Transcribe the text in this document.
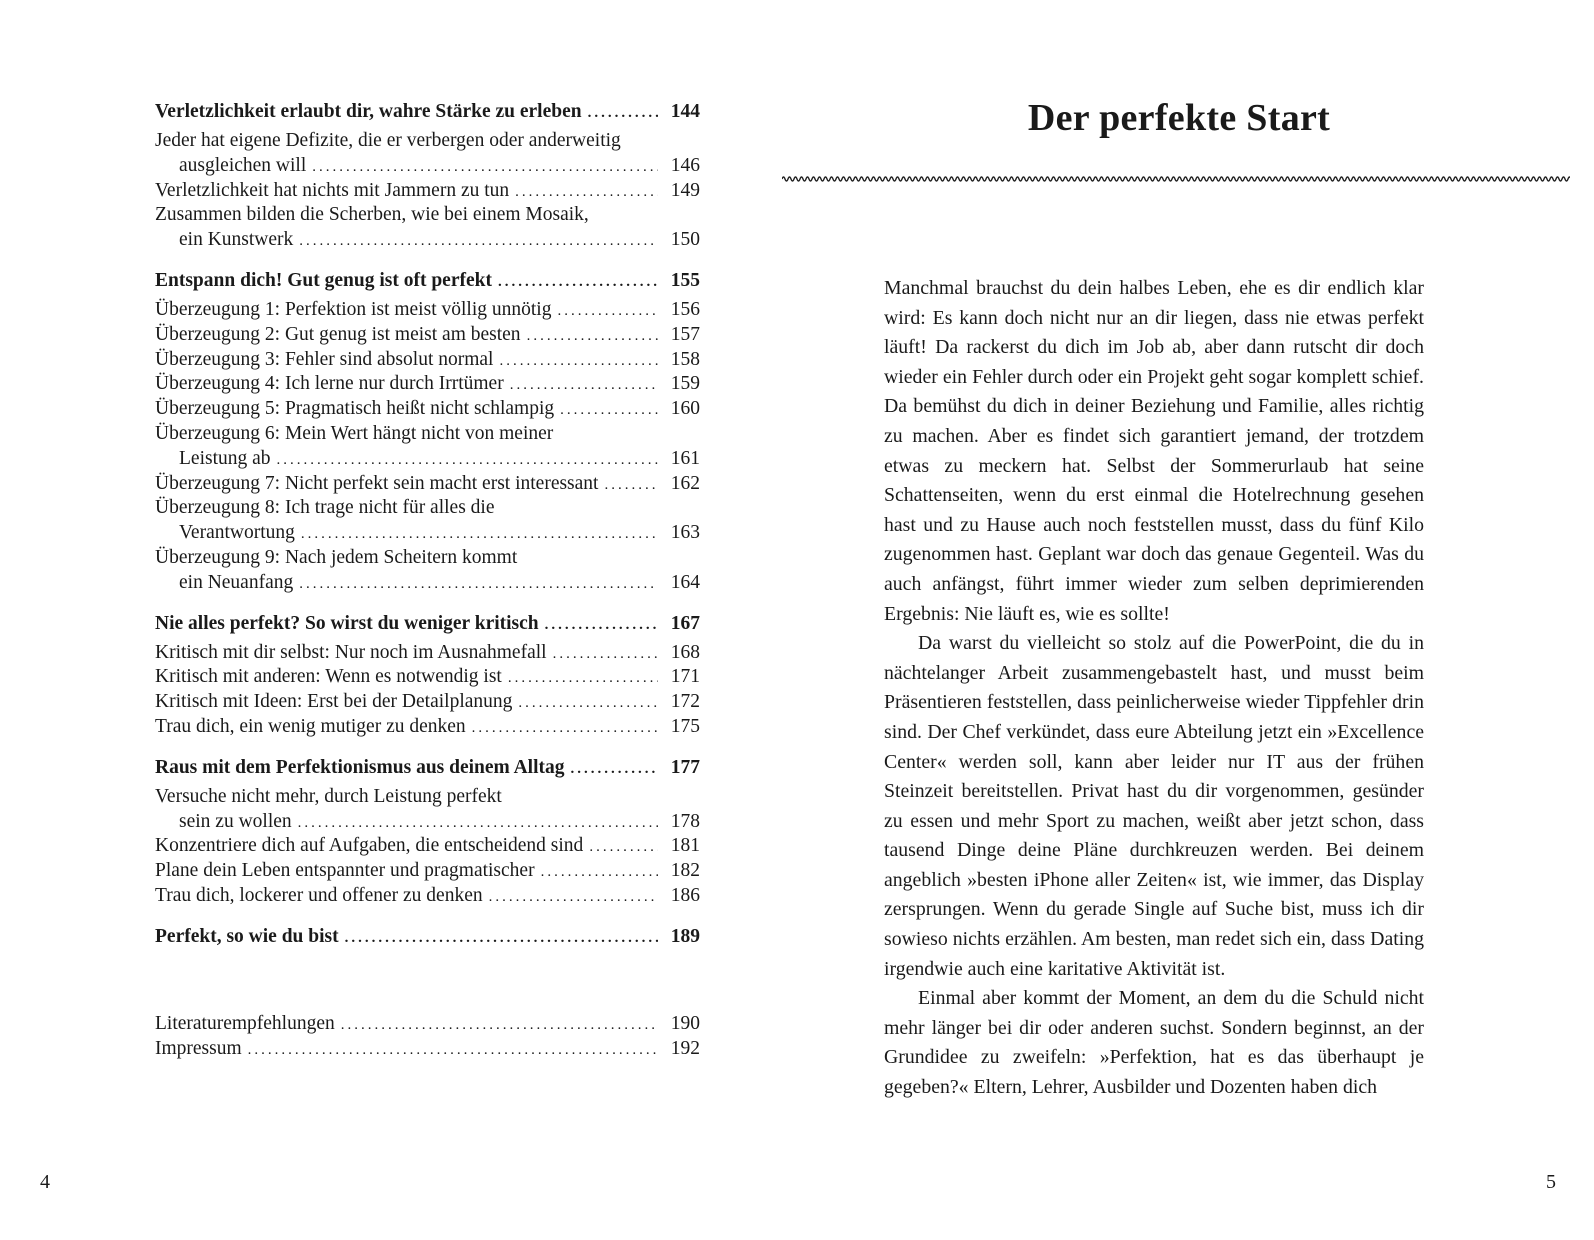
Verletzlichkeit erlaubt dir, wahre Stärke zu erleben .....	144
Jeder hat eigene Defizite, die er verbergen oder anderweitig
ausgleichen will .....	146
Verletzlichkeit hat nichts mit Jammern zu tun .....	149
Zusammen bilden die Scherben, wie bei einem Mosaik,
ein Kunstwerk .....	150
Entspann dich! Gut genug ist oft perfekt .....	155
Überzeugung 1: Perfektion ist meist völlig unnötig .....	156
Überzeugung 2: Gut genug ist meist am besten .....	157
Überzeugung 3: Fehler sind absolut normal .....	158
Überzeugung 4: Ich lerne nur durch Irrtümer .....	159
Überzeugung 5: Pragmatisch heißt nicht schlampig .....	160
Überzeugung 6: Mein Wert hängt nicht von meiner
Leistung ab .....	161
Überzeugung 7: Nicht perfekt sein macht erst interessant .....	162
Überzeugung 8: Ich trage nicht für alles die
Verantwortung .....	163
Überzeugung 9: Nach jedem Scheitern kommt
ein Neuanfang .....	164
Nie alles perfekt? So wirst du weniger kritisch .....	167
Kritisch mit dir selbst: Nur noch im Ausnahmefall .....	168
Kritisch mit anderen: Wenn es notwendig ist .....	171
Kritisch mit Ideen: Erst bei der Detailplanung .....	172
Trau dich, ein wenig mutiger zu denken .....	175
Raus mit dem Perfektionismus aus deinem Alltag .....	177
Versuche nicht mehr, durch Leistung perfekt
sein zu wollen .....	178
Konzentriere dich auf Aufgaben, die entscheidend sind .....	181
Plane dein Leben entspannter und pragmatischer .....	182
Trau dich, lockerer und offener zu denken .....	186
Perfekt, so wie du bist .....	189
Literaturempfehlungen .....	190
Impressum .....	192
4
Der perfekte Start

Manchmal brauchst du dein halbes Leben, ehe es dir endlich klar wird: Es kann doch nicht nur an dir liegen, dass nie etwas perfekt läuft! Da rackerst du dich im Job ab, aber dann rutscht dir doch wieder ein Fehler durch oder ein Projekt geht sogar komplett schief. Da bemühst du dich in deiner Beziehung und Familie, alles richtig zu machen. Aber es findet sich garantiert jemand, der trotzdem etwas zu meckern hat. Selbst der Sommerurlaub hat seine Schattenseiten, wenn du erst einmal die Hotelrechnung gesehen hast und zu Hause auch noch feststellen musst, dass du fünf Kilo zugenommen hast. Geplant war doch das genaue Gegenteil. Was du auch anfängst, führt immer wieder zum selben deprimierenden Ergebnis: Nie läuft es, wie es sollte!

Da warst du vielleicht so stolz auf die PowerPoint, die du in nächtelanger Arbeit zusammengebastelt hast, und musst beim Präsentieren feststellen, dass peinlicherweise wieder Tippfehler drin sind. Der Chef verkündet, dass eure Abteilung jetzt ein »Excellence Center« werden soll, kann aber leider nur IT aus der frühen Steinzeit bereitstellen. Privat hast du dir vorgenommen, gesünder zu essen und mehr Sport zu machen, weißt aber jetzt schon, dass tausend Dinge deine Pläne durchkreuzen werden. Bei deinem angeblich »besten iPhone aller Zeiten« ist, wie immer, das Display zersprungen. Wenn du gerade Single auf Suche bist, muss ich dir sowieso nichts erzählen. Am besten, man redet sich ein, dass Dating irgendwie auch eine karitative Aktivität ist.

Einmal aber kommt der Moment, an dem du die Schuld nicht mehr länger bei dir oder anderen suchst. Sondern beginnst, an der Grundidee zu zweifeln: »Perfektion, hat es das überhaupt je gegeben?« Eltern, Lehrer, Ausbilder und Dozenten haben dich

5
